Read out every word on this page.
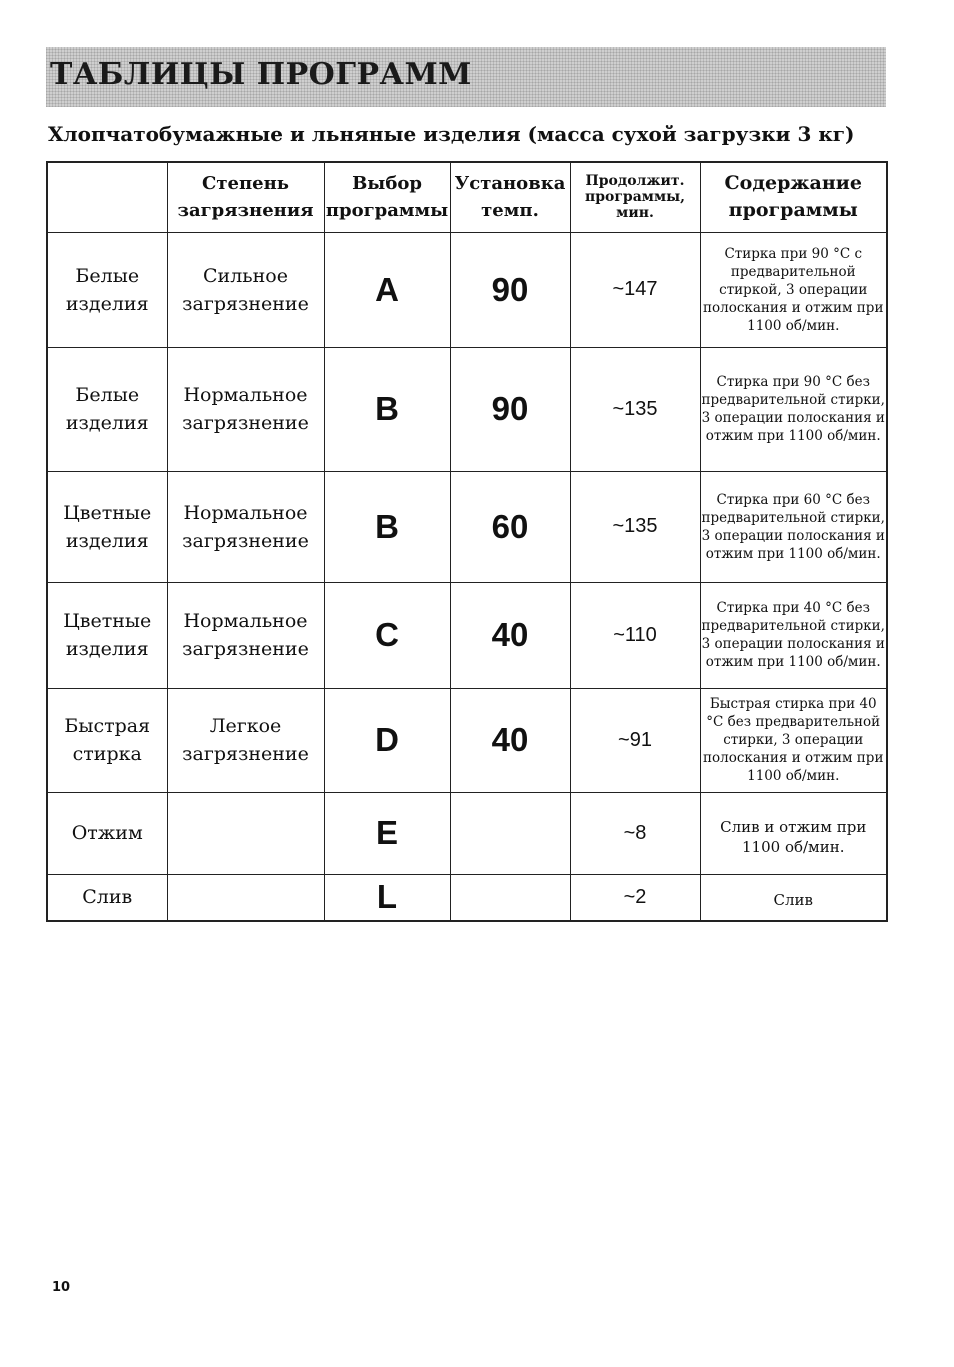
ТАБЛИЦЫ ПРОГРАММ
Хлопчатобумажные и льняные изделия (масса сухой загрузки 3 кг)
	Степень загрязнения	Выбор программы	Установка темп.	Продолжит. программы, мин.	Содержание программы
Белые изделия	Сильное загрязнение	A	90	~147	Стирка при 90 °С с предварительной стиркой, 3 операции полоскания и отжим при 1100 об/мин.
Белые изделия	Нормальное загрязнение	B	90	~135	Стирка при 90 °С без предварительной стирки, 3 операции полоскания и отжим при 1100 об/мин.
Цветные изделия	Нормальное загрязнение	B	60	~135	Стирка при 60 °С без предварительной стирки, 3 операции полоскания и отжим при 1100 об/мин.
Цветные изделия	Нормальное загрязнение	C	40	~110	Стирка при 40 °С без предварительной стирки, 3 операции полоскания и отжим при 1100 об/мин.
Быстрая стирка	Легкое загрязнение	D	40	~91	Быстрая стирка при 40 °С без предварительной стирки, 3 операции полоскания и отжим при 1100 об/мин.
Отжим		E		~8	Слив и отжим при 1100 об/мин.
Слив		L		~2	Слив
10
